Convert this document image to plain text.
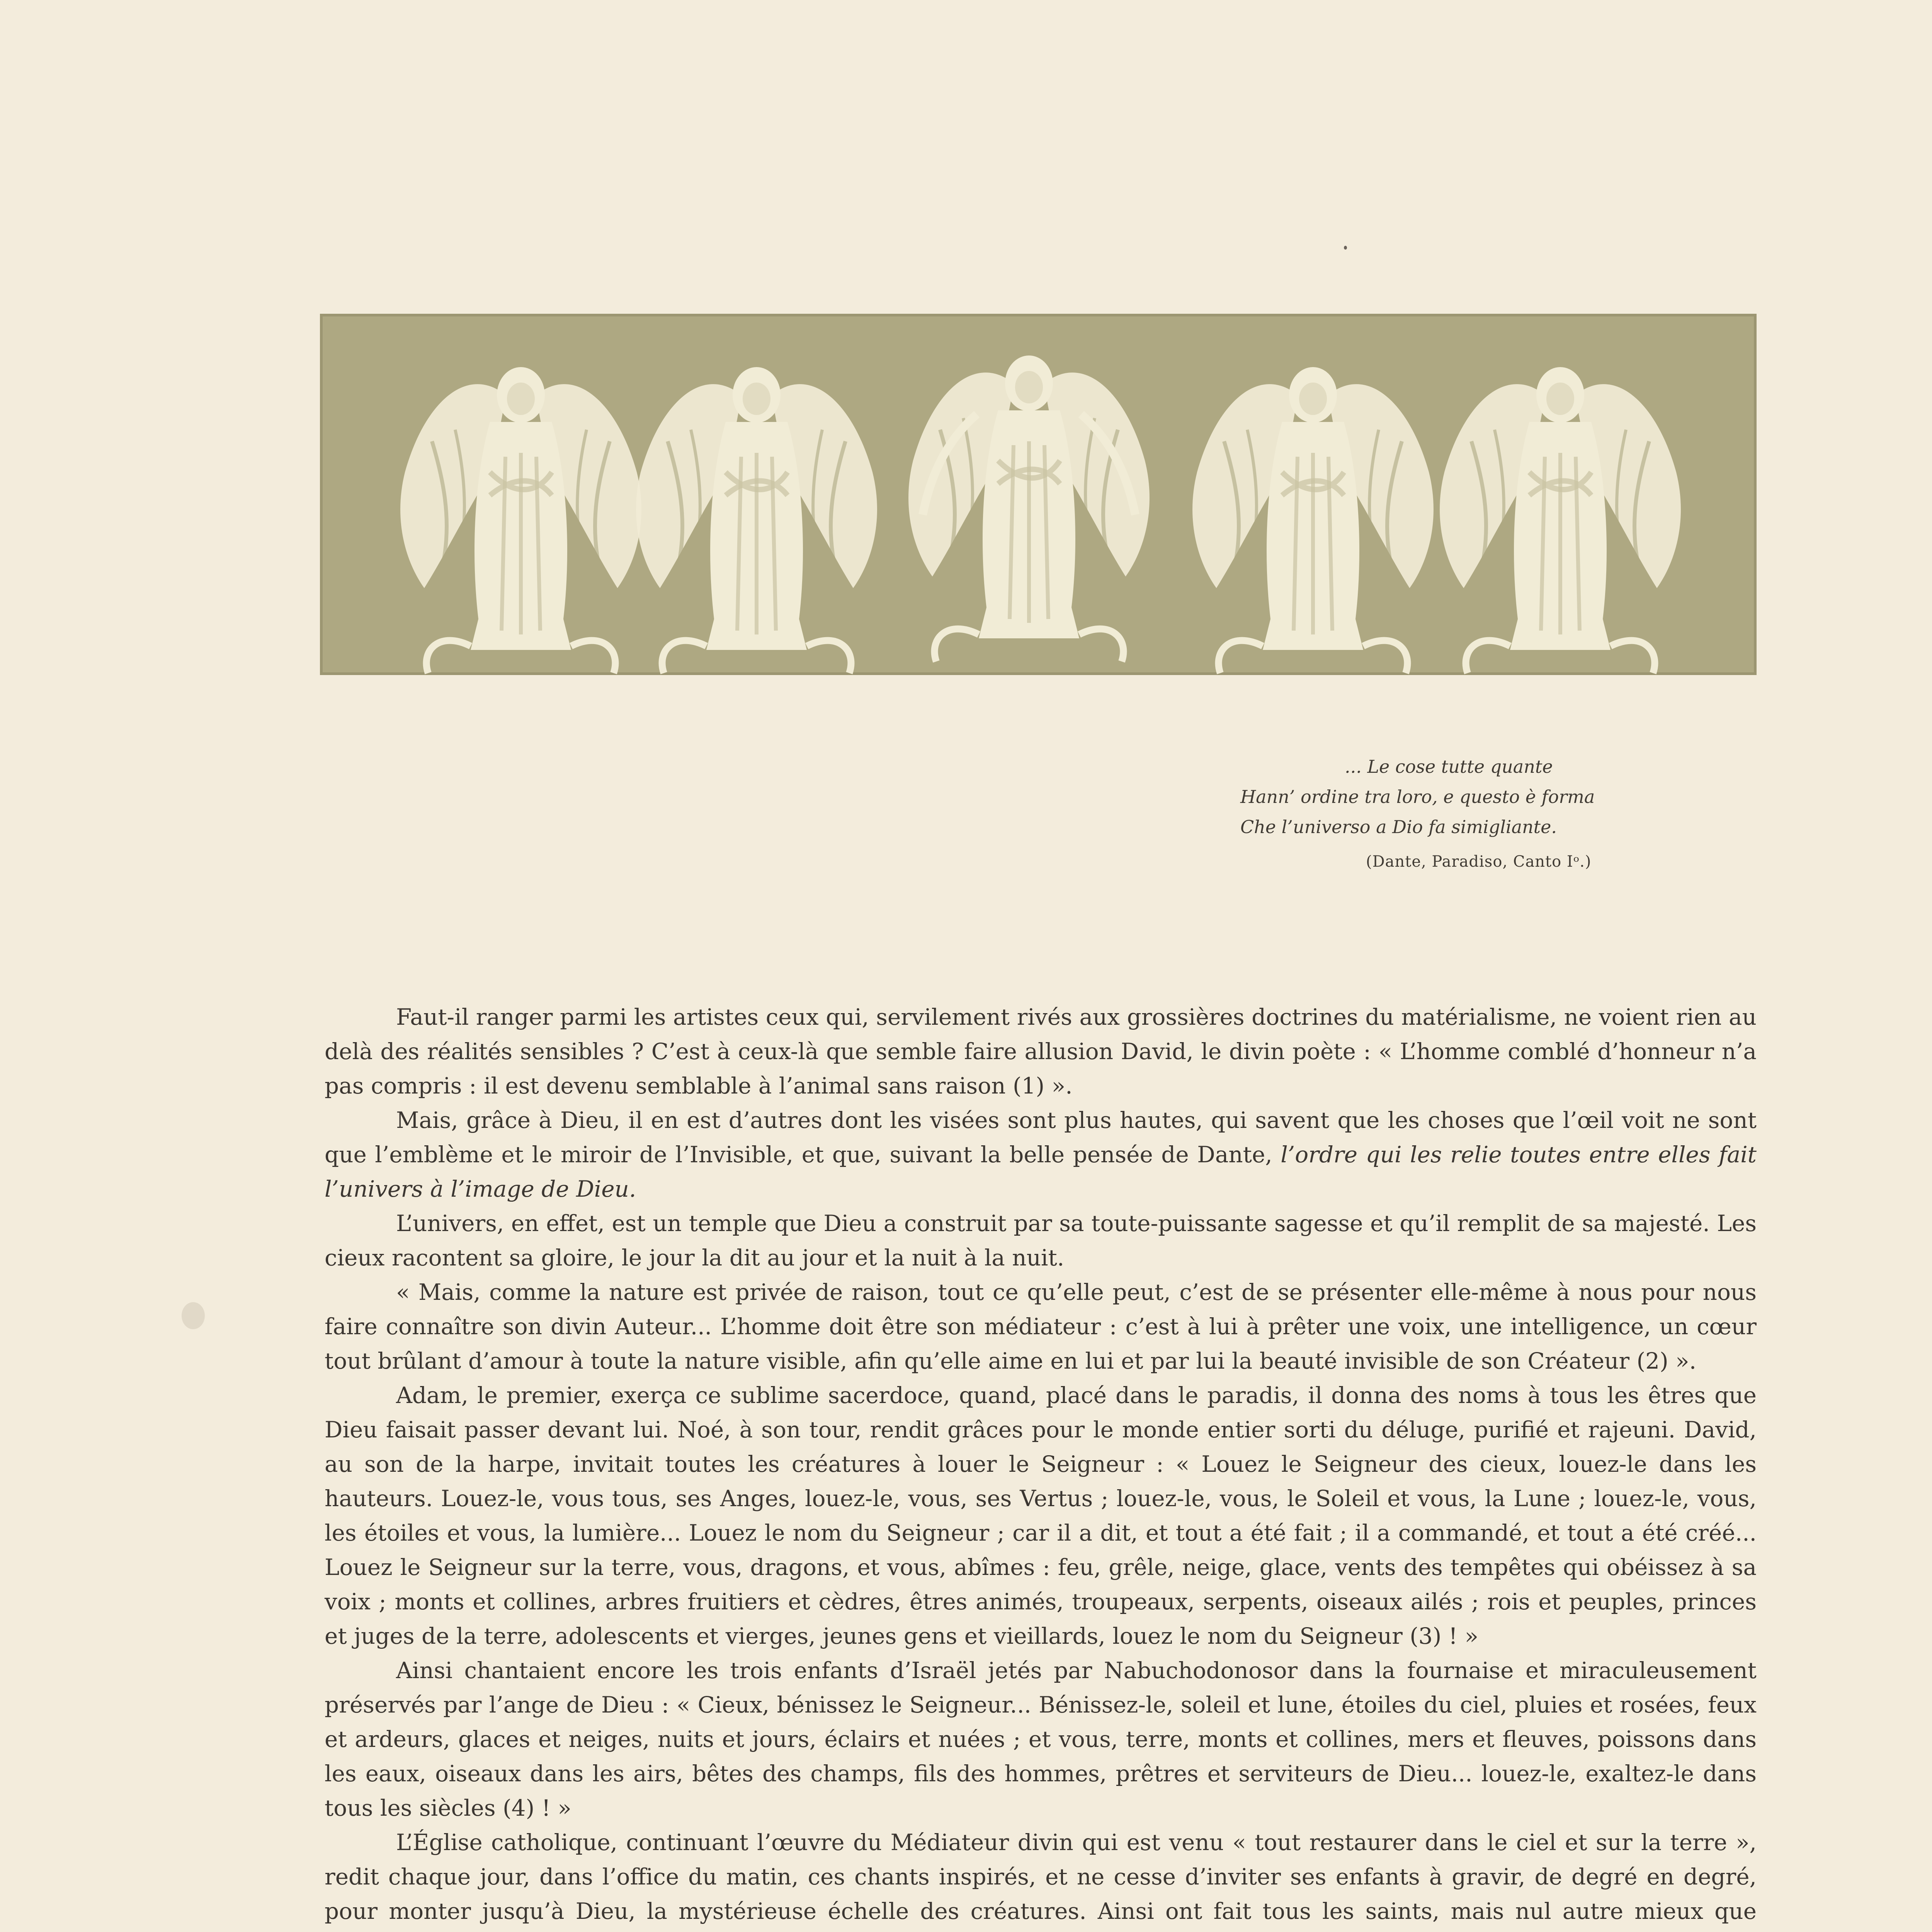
... Le cose tutte quante
Hann’ ordine tra loro, e questo è forma
Che l’universo a Dio fa simigliante.
(Dante, Paradiso, Canto Iᵒ.)

Faut-il ranger parmi les artistes ceux qui, servilement rivés aux grossières doctrines du matérialisme, ne voient rien au delà des réalités sensibles ? C’est à ceux-là que semble faire allusion David, le divin poète : « L’homme comblé d’honneur n’a pas compris : il est devenu semblable à l’animal sans raison (1) ».

Mais, grâce à Dieu, il en est d’autres dont les visées sont plus hautes, qui savent que les choses que l’œil voit ne sont que l’emblème et le miroir de l’Invisible, et que, suivant la belle pensée de Dante, l’ordre qui les relie toutes entre elles fait l’univers à l’image de Dieu.

L’univers, en effet, est un temple que Dieu a construit par sa toute-puissante sagesse et qu’il remplit de sa majesté. Les cieux racontent sa gloire, le jour la dit au jour et la nuit à la nuit.

« Mais, comme la nature est privée de raison, tout ce qu’elle peut, c’est de se présenter elle-même à nous pour nous faire connaître son divin Auteur... L’homme doit être son médiateur : c’est à lui à prêter une voix, une intelligence, un cœur tout brûlant d’amour à toute la nature visible, afin qu’elle aime en lui et par lui la beauté invisible de son Créateur (2) ».

Adam, le premier, exerça ce sublime sacerdoce, quand, placé dans le paradis, il donna des noms à tous les êtres que Dieu faisait passer devant lui. Noé, à son tour, rendit grâces pour le monde entier sorti du déluge, purifié et rajeuni. David, au son de la harpe, invitait toutes les créatures à louer le Seigneur : « Louez le Seigneur des cieux, louez-le dans les hauteurs. Louez-le, vous tous, ses Anges, louez-le, vous, ses Vertus ; louez-le, vous, le Soleil et vous, la Lune ; louez-le, vous, les étoiles et vous, la lumière... Louez le nom du Seigneur ; car il a dit, et tout a été fait ; il a commandé, et tout a été créé... Louez le Seigneur sur la terre, vous, dragons, et vous, abîmes : feu, grêle, neige, glace, vents des tempêtes qui obéissez à sa voix ; monts et collines, arbres fruitiers et cèdres, êtres animés, troupeaux, serpents, oiseaux ailés ; rois et peuples, princes et juges de la terre, adolescents et vierges, jeunes gens et vieillards, louez le nom du Seigneur (3) ! »

Ainsi chantaient encore les trois enfants d’Israël jetés par Nabuchodonosor dans la fournaise et miraculeusement préservés par l’ange de Dieu : « Cieux, bénissez le Seigneur... Bénissez-le, soleil et lune, étoiles du ciel, pluies et rosées, feux et ardeurs, glaces et neiges, nuits et jours, éclairs et nuées ; et vous, terre, monts et collines, mers et fleuves, poissons dans les eaux, oiseaux dans les airs, bêtes des champs, fils des hommes, prêtres et serviteurs de Dieu... louez-le, exaltez-le dans tous les siècles (4) ! »

L’Église catholique, continuant l’œuvre du Médiateur divin qui est venu « tout restaurer dans le ciel et sur la terre », redit chaque jour, dans l’office du matin, ces chants inspirés, et ne cesse d’inviter ses enfants à gravir, de degré en degré, pour monter jusqu’à Dieu, la mystérieuse échelle des créatures. Ainsi ont fait tous les saints, mais nul autre mieux que
